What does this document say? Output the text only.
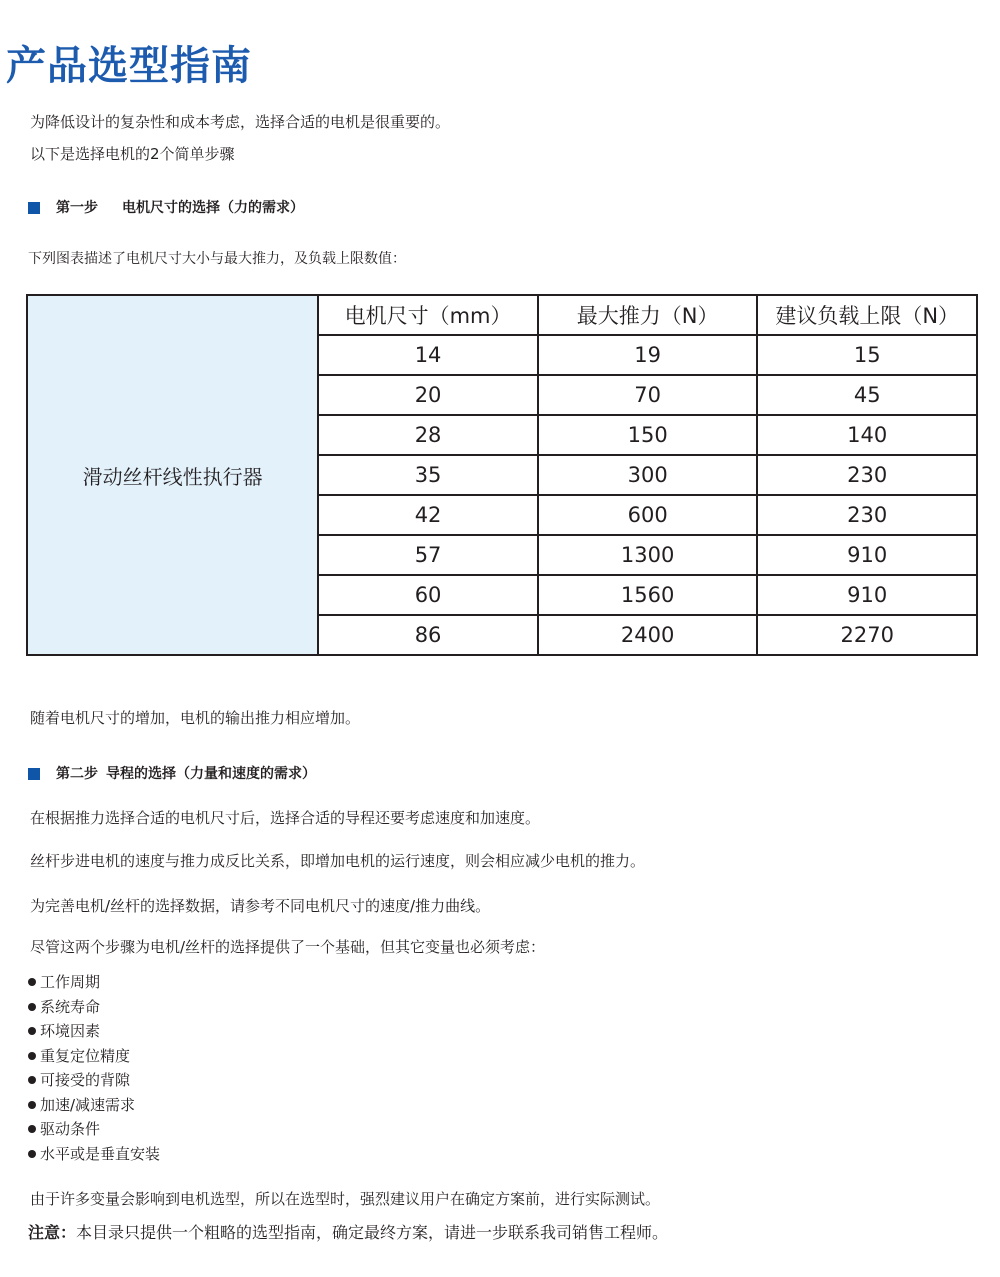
产品选型指南

为降低设计的复杂性和成本考虑，选择合适的电机是很重要的。

以下是选择电机的2个简单步骤

第一步 电机尺寸的选择（力的需求）

下列图表描述了电机尺寸大小与最大推力，及负载上限数值：

滑动丝杆线性执行器	电机尺寸（mm）	最大推力（N）	建议负载上限（N）
	14	19	15
	20	70	45
	28	150	140
	35	300	230
	42	600	230
	57	1300	910
	60	1560	910
	86	2400	2270

随着电机尺寸的增加，电机的输出推力相应增加。

第二步 导程的选择（力量和速度的需求）

在根据推力选择合适的电机尺寸后，选择合适的导程还要考虑速度和加速度。

丝杆步进电机的速度与推力成反比关系，即增加电机的运行速度，则会相应减少电机的推力。

为完善电机/丝杆的选择数据，请参考不同电机尺寸的速度/推力曲线。

尽管这两个步骤为电机/丝杆的选择提供了一个基础，但其它变量也必须考虑：

工作周期
系统寿命
环境因素
重复定位精度
可接受的背隙
加速/减速需求
驱动条件
水平或是垂直安装

由于许多变量会影响到电机选型，所以在选型时，强烈建议用户在确定方案前，进行实际测试。

注意：本目录只提供一个粗略的选型指南，确定最终方案，请进一步联系我司销售工程师。
